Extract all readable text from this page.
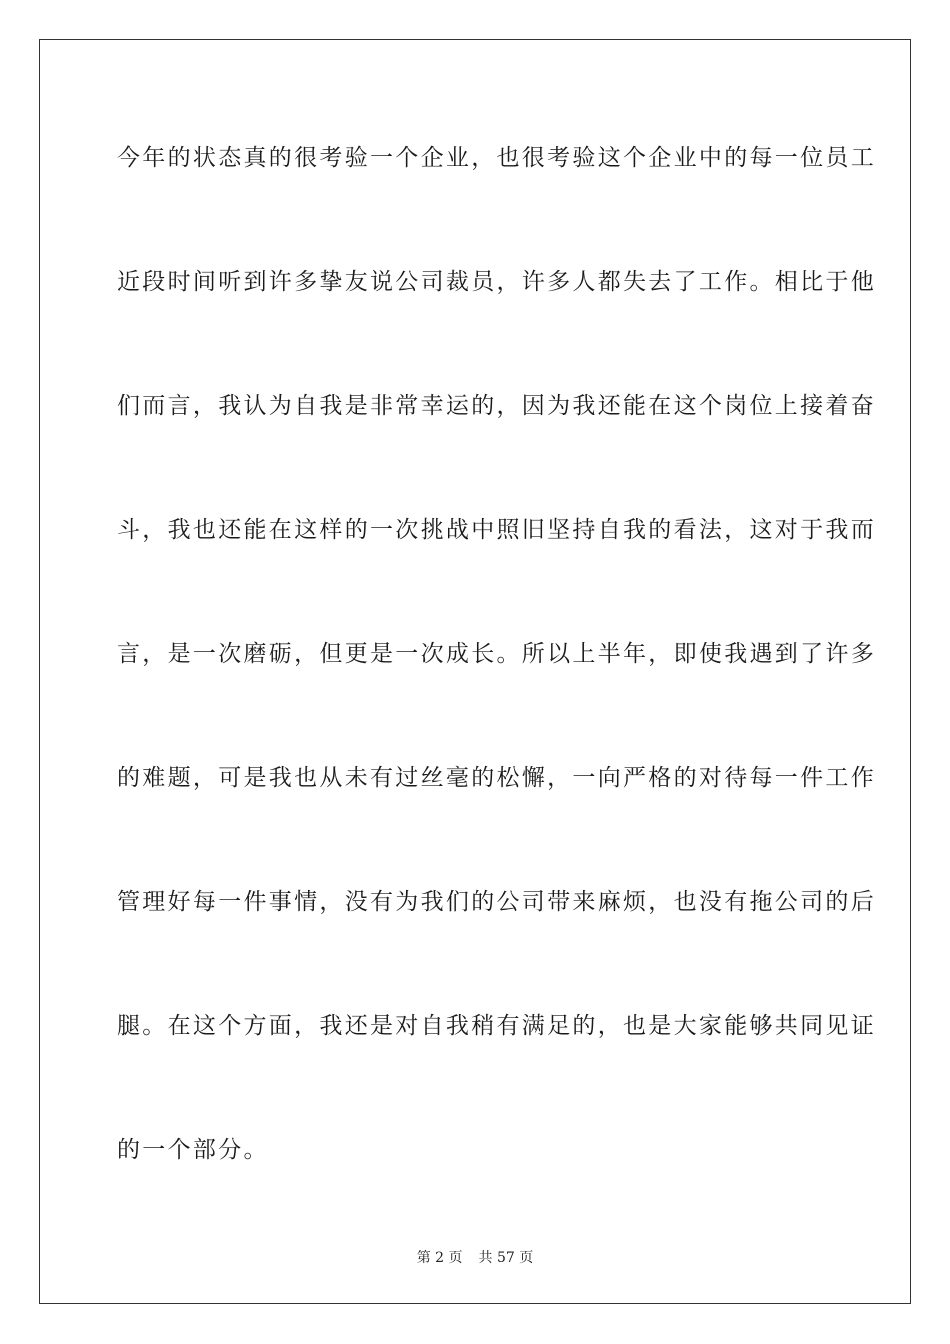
今年的状态真的很考验一个企业，也很考验这个企业中的每一位员工
近段时间听到许多挚友说公司裁员，许多人都失去了工作。相比于他
们而言，我认为自我是非常幸运的，因为我还能在这个岗位上接着奋
斗，我也还能在这样的一次挑战中照旧坚持自我的看法，这对于我而
言，是一次磨砺，但更是一次成长。所以上半年，即使我遇到了许多
的难题，可是我也从未有过丝毫的松懈，一向严格的对待每一件工作
管理好每一件事情，没有为我们的公司带来麻烦，也没有拖公司的后
腿。在这个方面，我还是对自我稍有满足的，也是大家能够共同见证
的一个部分。
第 2 页 共 57 页
